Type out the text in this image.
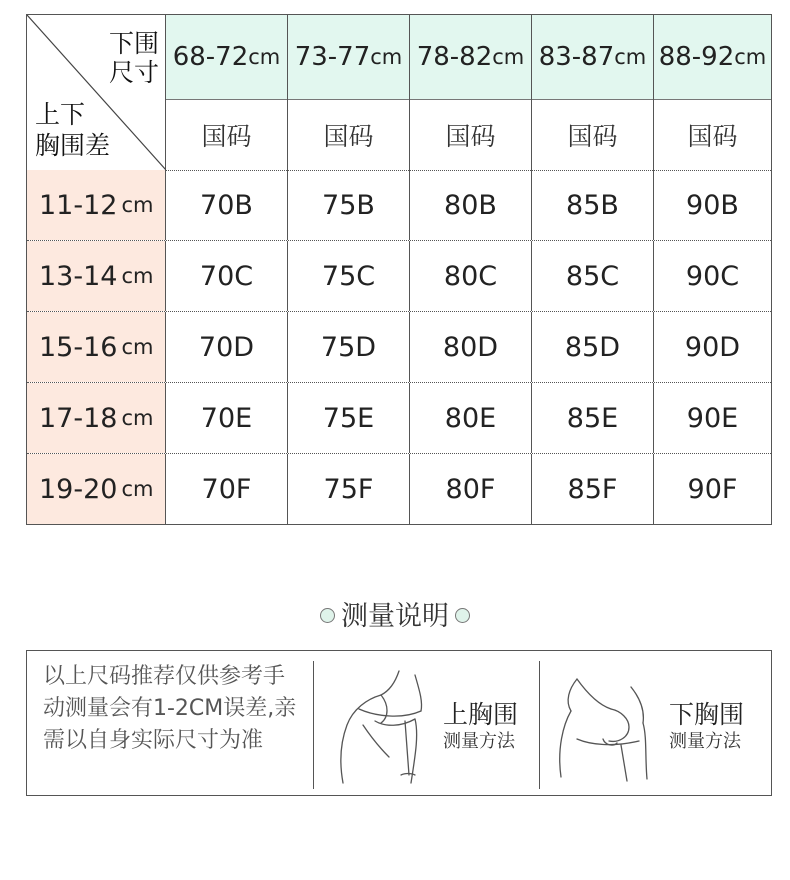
下围
尺寸
上下
胸围差
68-72 cm 73-77 cm 78-82 cm 83-87 cm 88-92 cm
国码	国码	国码	国码	国码
11-12 cm	70B	75B	80B	85B	90B
13-14 cm	70C	75C	80C	85C	90C
15-16 cm	70D	75D	80D	85D	90D
17-18 cm	70E	75E	80E	85E	90E
19-20 cm	70F	75F	80F	85F	90F
测量说明
以上尺码推荐仅供参考手动测量会有1-2CM误差,亲需以自身实际尺寸为准
上胸围
测量方法
下胸围
测量方法
